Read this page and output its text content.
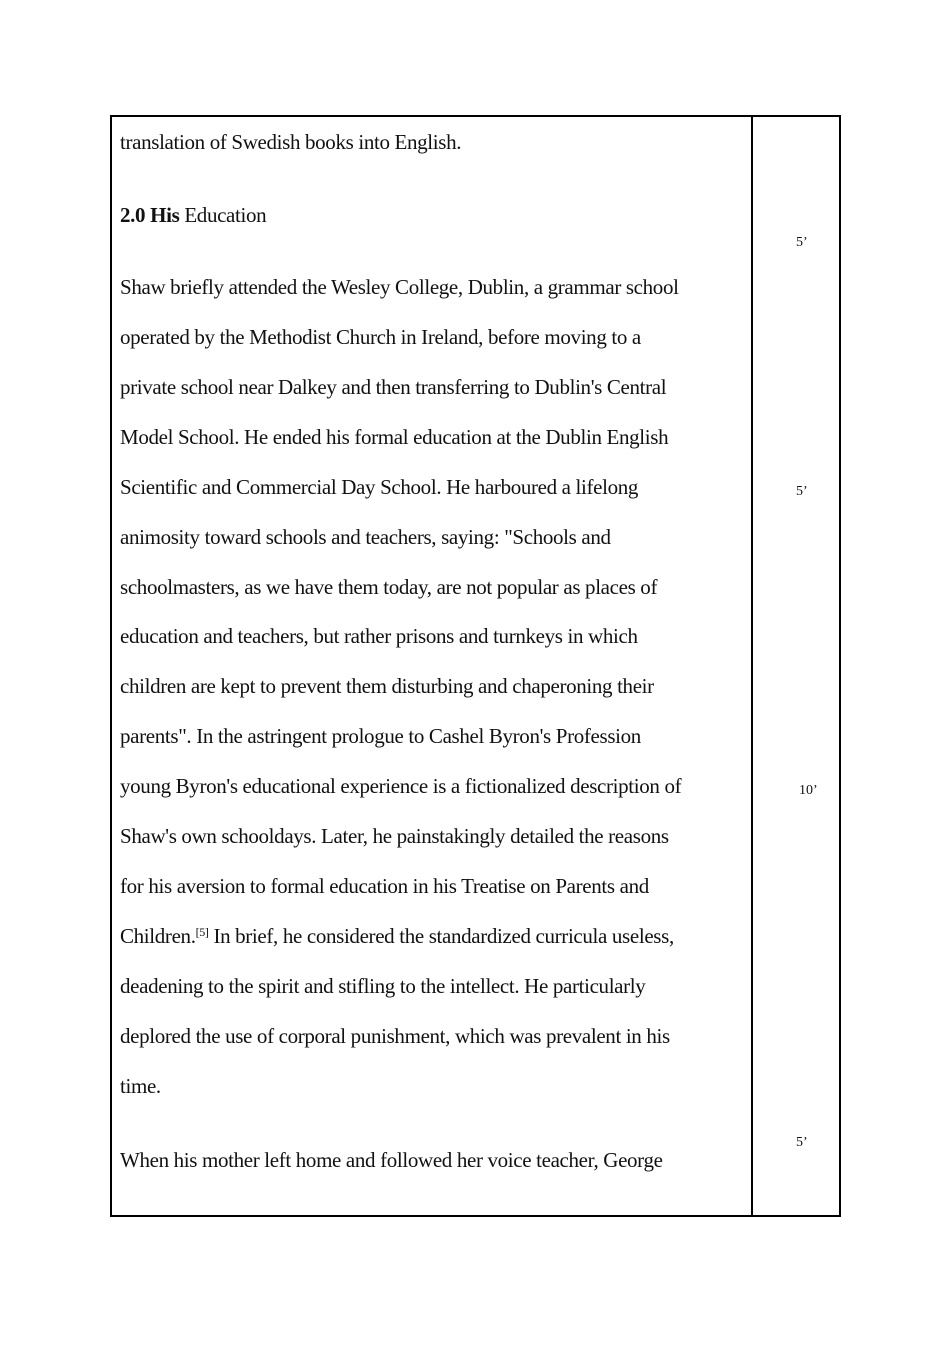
translation of Swedish books into English.
2.0 His Education
Shaw briefly attended the Wesley College, Dublin, a grammar school
operated by the Methodist Church in Ireland, before moving to a
private school near Dalkey and then transferring to Dublin's Central
Model School. He ended his formal education at the Dublin English
Scientific and Commercial Day School. He harboured a lifelong
animosity toward schools and teachers, saying: "Schools and
schoolmasters, as we have them today, are not popular as places of
education and teachers, but rather prisons and turnkeys in which
children are kept to prevent them disturbing and chaperoning their
parents". In the astringent prologue to Cashel Byron's Profession
young Byron's educational experience is a fictionalized description of
Shaw's own schooldays. Later, he painstakingly detailed the reasons
for his aversion to formal education in his Treatise on Parents and
Children.[5] In brief, he considered the standardized curricula useless,
deadening to the spirit and stifling to the intellect. He particularly
deplored the use of corporal punishment, which was prevalent in his
time.
When his mother left home and followed her voice teacher, George
5’
5’
10’
5’
